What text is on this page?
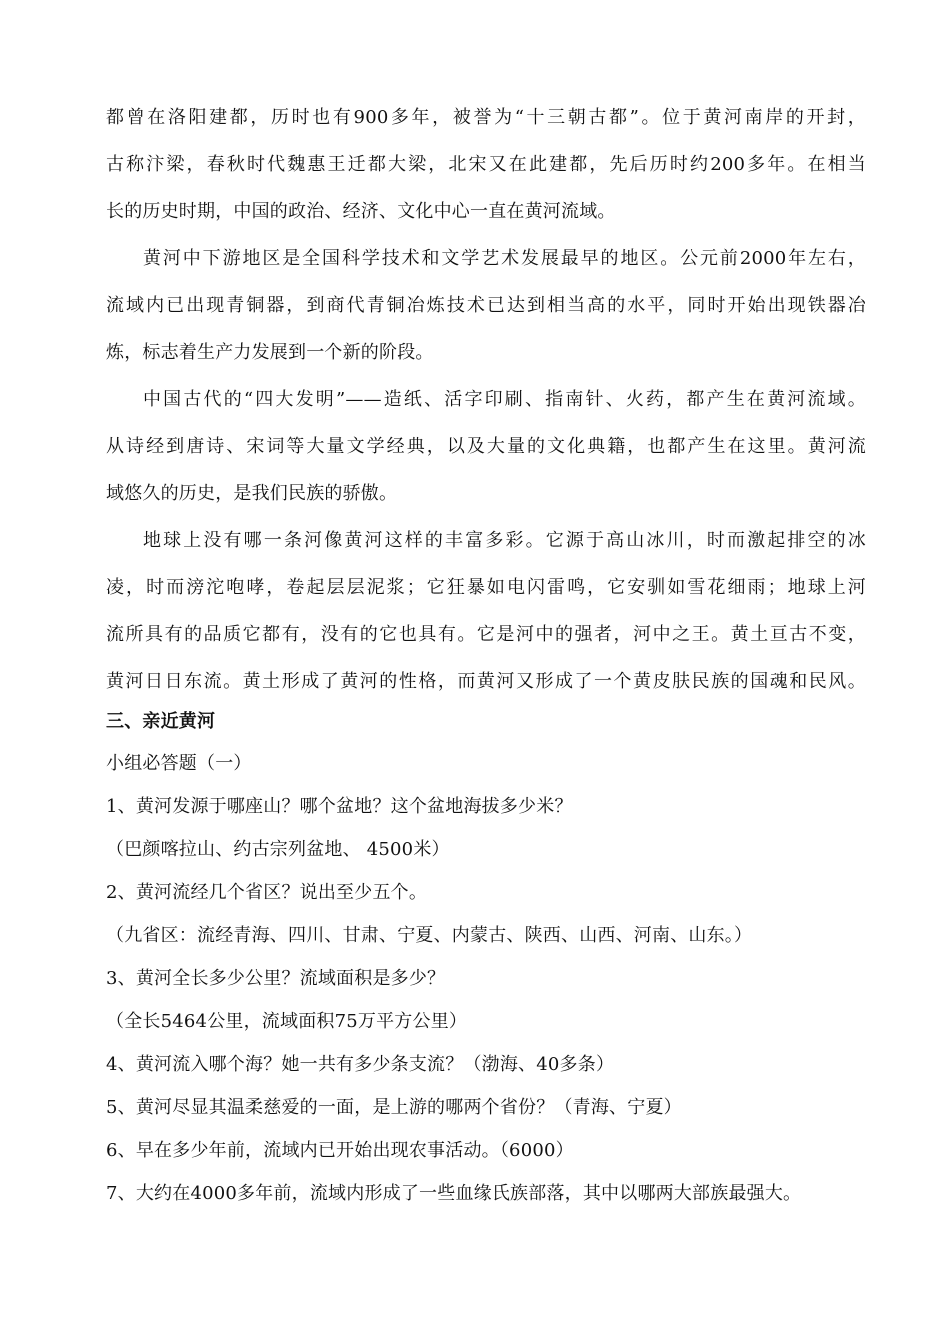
都曾在洛阳建都，历时也有900多年，被誉为“十三朝古都”。位于黄河南岸的开封，
古称汴梁，春秋时代魏惠王迁都大梁，北宋又在此建都，先后历时约200多年。在相当
长的历史时期，中国的政治、经济、文化中心一直在黄河流域。
黄河中下游地区是全国科学技术和文学艺术发展最早的地区。公元前2000年左右，
流域内已出现青铜器，到商代青铜冶炼技术已达到相当高的水平，同时开始出现铁器冶
炼，标志着生产力发展到一个新的阶段。
中国古代的“四大发明”——造纸、活字印刷、指南针、火药，都产生在黄河流域。
从诗经到唐诗、宋词等大量文学经典，以及大量的文化典籍，也都产生在这里。黄河流
域悠久的历史，是我们民族的骄傲。
地球上没有哪一条河像黄河这样的丰富多彩。它源于高山冰川，时而激起排空的冰
凌，时而滂沱咆哮，卷起层层泥浆；它狂暴如电闪雷鸣，它安驯如雪花细雨；地球上河
流所具有的品质它都有，没有的它也具有。它是河中的强者，河中之王。黄土亘古不变，
黄河日日东流。黄土形成了黄河的性格，而黄河又形成了一个黄皮肤民族的国魂和民风。
三、亲近黄河
小组必答题（一）
1、黄河发源于哪座山？哪个盆地？这个盆地海拔多少米？
（巴颜喀拉山、约古宗列盆地、 4500米）
2、黄河流经几个省区？说出至少五个。
（九省区：流经青海、四川、甘肃、宁夏、内蒙古、陕西、山西、河南、山东。）
3、黄河全长多少公里？流域面积是多少？
（全长5464公里，流域面积75万平方公里）
4、黄河流入哪个海？她一共有多少条支流？（渤海、40多条）
5、黄河尽显其温柔慈爱的一面，是上游的哪两个省份？（青海、宁夏）
6、早在多少年前，流域内已开始出现农事活动。（6000）
7、大约在4000多年前，流域内形成了一些血缘氏族部落，其中以哪两大部族最强大。
